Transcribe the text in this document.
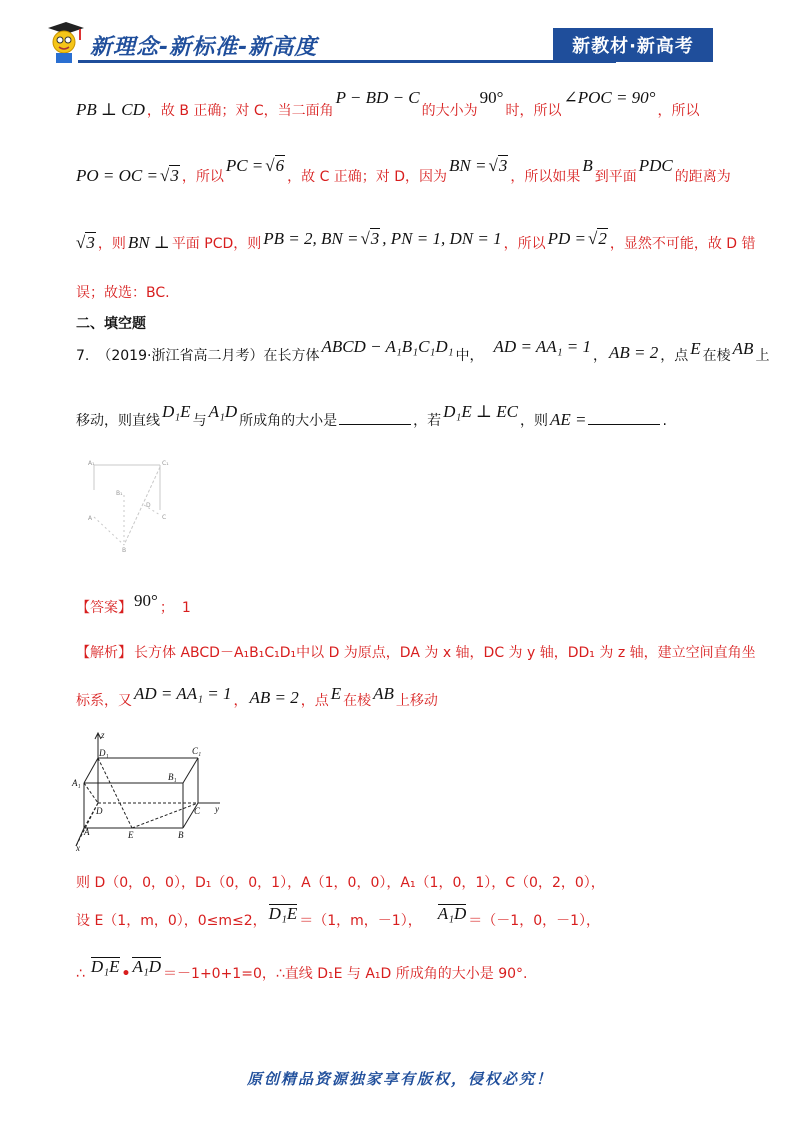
新理念-新标准-新高度	新教材·新高考
PB ⊥ CD ，故 B 正确；对 C，当二面角
P − BD − C
的大小为
90°
时，所以
∠POC = 90°
，所以
PO = OC = √ 3 ，所以
PC = √ 6
，故 C 正确；对 D，因为
BN = √ 3
，所以如果
B
到平面
PDC
的距离为
√ 3 ，则 BN ⊥ 平面 PCD，则 PB = 2, BN = √ 3 , PN = 1, DN = 1 ，所以 PD = √ 2 ，显然不可能，故 D 错
误；故选：BC.
二、填空题
7. （2019·浙江省高二月考）在长方体 ABCD − A₁B₁C₁D₁ 中， AD = AA₁ = 1 ， AB = 2 ，点 E 在棱 AB 上
移动，则直线 D₁E 与 A₁D 所成角的大小是	，若 D₁E ⊥ EC ，则 AE =	.
A₁	C₁
B₁
D
A	C
B
【答案】 90° ； 1
【解析】 长方体 ABCD－A₁B₁C₁D₁中以 D 为原点，DA 为 x 轴，DC 为 y 轴，DD₁ 为 z 轴，建立空间直角坐
标系，又 AD = AA₁ = 1 ， AB = 2 ，点 E 在棱 AB 上移动
z
D₁	C₁
A₁
B₁
D	C y
A	E	B
x
则 D（0，0，0），D₁（0，0，1），A（1，0，0），A₁（1，0，1），C（0，2，0），
设 E（1，m，0），0≤m≤2， D₁E ＝（1，m，－1）， A₁D ＝（－1，0，－1），
∴ D₁E • A₁D ＝－1+0+1=0，∴直线 D₁E 与 A₁D 所成角的大小是 90°.
原创精品资源独家享有版权，侵权必究！
